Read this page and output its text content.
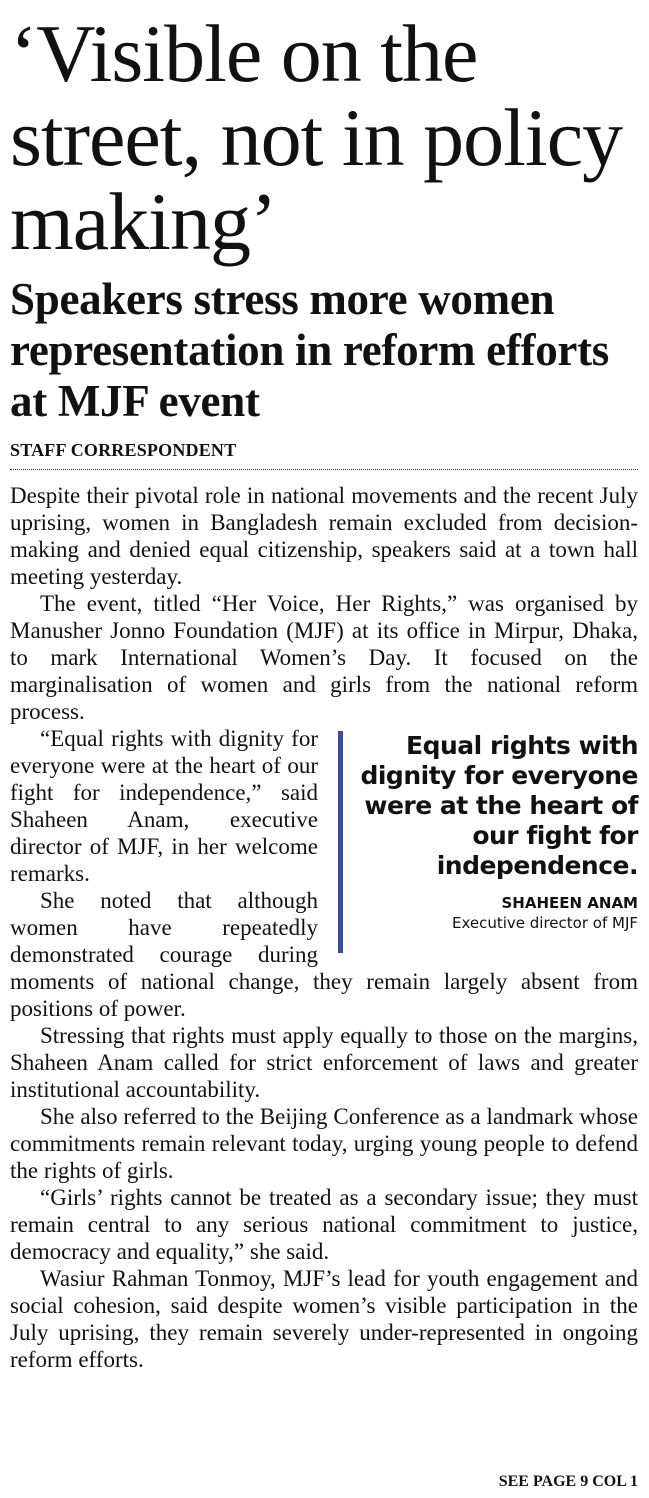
‘Visible on the street, not in policy making’
Speakers stress more women representation in reform efforts at MJF event
STAFF CORRESPONDENT

Despite their pivotal role in national movements and the recent July uprising, women in Bangladesh remain excluded from decision-making and denied equal citizenship, speakers said at a town hall meeting yesterday.

The event, titled “Her Voice, Her Rights,” was organised by Manusher Jonno Foundation (MJF) at its office in Mirpur, Dhaka, to mark International Women’s Day. It focused on the marginalisation of women and girls from the national reform process.

Equal rights with dignity for everyone were at the heart of our fight for independence.
SHAHEEN ANAM
Executive director of MJF

“Equal rights with dignity for everyone were at the heart of our fight for independence,” said Shaheen Anam, executive director of MJF, in her welcome remarks.

She noted that although women have repeatedly demonstrated courage during moments of national change, they remain largely absent from positions of power.

Stressing that rights must apply equally to those on the margins, Shaheen Anam called for strict enforcement of laws and greater institutional accountability.

She also referred to the Beijing Conference as a landmark whose commitments remain relevant today, urging young people to defend the rights of girls.

“Girls’ rights cannot be treated as a secondary issue; they must remain central to any serious national commitment to justice, democracy and equality,” she said.

Wasiur Rahman Tonmoy, MJF’s lead for youth engagement and social cohesion, said despite women’s visible participation in the July uprising, they remain severely under-represented in ongoing reform efforts.

SEE PAGE 9 COL 1
